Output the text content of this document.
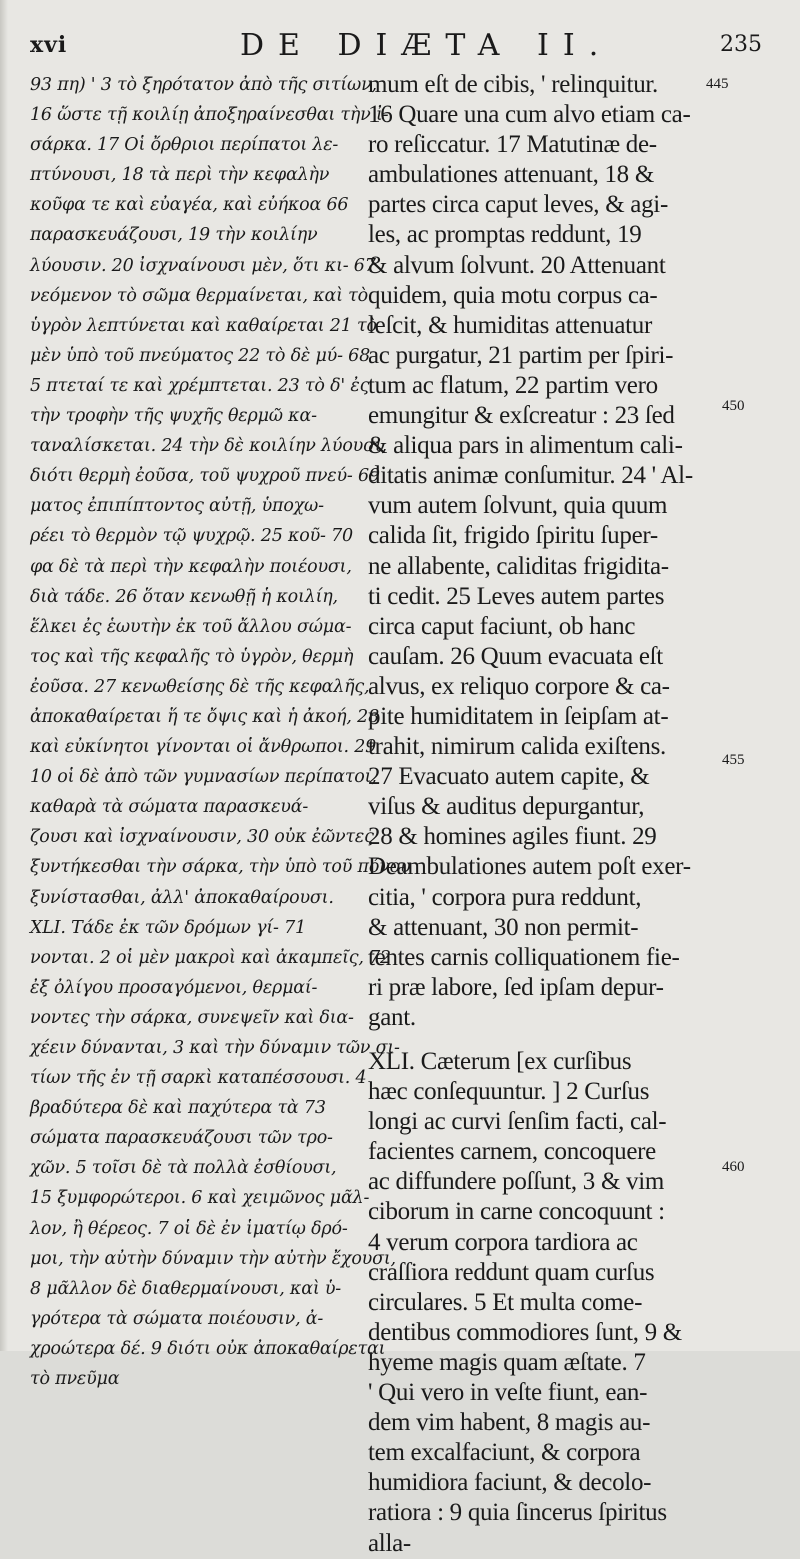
xvi	DE DIÆTA II.	235
93 πη) ' 3 τὸ ξηρότατον ἀπὸ τῆς σιτίων,
16 ὥστε τῇ κοιλίῃ ἀποξηραίνεσθαι τὴν ἰ-
σάρκα. 17 Οἱ ὄρθριοι περίπατοι λε-
πτύνουσι, 18 τὰ περὶ τὴν κεφαλὴν
κοῦφα τε καὶ εὐαγέα, καὶ εὐήκοα 66
παρασκευάζουσι, 19 τὴν κοιλίην
λύουσιν. 20 ἰσχναίνουσι μὲν, ὅτι κι- 67
νεόμενον τὸ σῶμα θερμαίνεται, καὶ τὸ
ὑγρὸν λεπτύνεται καὶ καθαίρεται 21 τὸ
μὲν ὑπὸ τοῦ πνεύματος 22 τὸ δὲ μύ- 68
5 πτεταί τε καὶ χρέμπτεται. 23 τὸ δ' ἐς
τὴν τροφὴν τῆς ψυχῆς θερμῶ κα-
ταναλίσκεται. 24 τὴν δὲ κοιλίην λύουσι,
διότι θερμὴ ἐοῦσα, τοῦ ψυχροῦ πνεύ- 69
ματος ἐπιπίπτοντος αὐτῇ, ὑποχω-
ρέει τὸ θερμὸν τῷ ψυχρῷ. 25 κοῦ- 70
φα δὲ τὰ περὶ τὴν κεφαλὴν ποιέουσι,
διὰ τάδε. 26 ὅταν κενωθῇ ἡ κοιλίη,
ἕλκει ἐς ἑωυτὴν ἐκ τοῦ ἄλλου σώμα-
τος καὶ τῆς κεφαλῆς τὸ ὑγρὸν, θερμὴ
ἐοῦσα. 27 κενωθείσης δὲ τῆς κεφαλῆς,
ἀποκαθαίρεται ἥ τε ὄψις καὶ ἡ ἀκοή, 28
καὶ εὐκίνητοι γίνονται οἱ ἄνθρωποι. 29
10 οἱ δὲ ἀπὸ τῶν γυμνασίων περίπατοι,
καθαρὰ τὰ σώματα παρασκευά-
ζουσι καὶ ἰσχναίνουσιν, 30 οὐκ ἐῶντες
ξυντήκεσθαι τὴν σάρκα, τὴν ὑπὸ τοῦ πόνου
ξυνίστασθαι, ἀλλ' ἀποκαθαίρουσι.
XLI. Τάδε ἐκ τῶν δρόμων γί- 71
νονται. 2 οἱ μὲν μακροὶ καὶ ἀκαμπεῖς, 72
ἐξ ὀλίγου προσαγόμενοι, θερμαί-
νοντες τὴν σάρκα, συνεψεῖν καὶ δια-
χέειν δύνανται, 3 καὶ τὴν δύναμιν τῶν σι-
τίων τῆς ἐν τῇ σαρκὶ καταπέσσουσι. 4
βραδύτερα δὲ καὶ παχύτερα τὰ 73
σώματα παρασκευάζουσι τῶν τρο-
χῶν. 5 τοῖσι δὲ τὰ πολλὰ ἐσθίουσι,
15 ξυμφορώτεροι. 6 καὶ χειμῶνος μᾶλ-
λον, ἢ θέρεος. 7 οἱ δὲ ἐν ἱματίῳ δρό-
μοι, τὴν αὐτὴν δύναμιν τὴν αὐτὴν ἔχουσι,
8 μᾶλλον δὲ διαθερμαίνουσι, καὶ ὑ-
γρότερα τὰ σώματα ποιέουσιν, ἀ-
χροώτερα δέ. 9 διότι οὐκ ἀποκαθαίρεται
τὸ πνεῦμα
mum eſt de cibis, ' relinquitur.
16 Quare una cum alvo etiam ca-
ro reſiccatur. 17 Matutinæ de-
ambulationes attenuant, 18 &
partes circa caput leves, & agi-
les, ac promptas reddunt, 19
& alvum ſolvunt. 20 Attenuant
quidem, quia motu corpus ca-
leſcit, & humiditas attenuatur
ac purgatur, 21 partim per ſpiri-
tum ac flatum, 22 partim vero
emungitur & exſcreatur : 23 ſed
& aliqua pars in alimentum cali-
ditatis animæ conſumitur. 24 ' Al-
vum autem ſolvunt, quia quum
calida ſit, frigido ſpiritu ſuper-
ne allabente, caliditas frigidita-
ti cedit. 25 Leves autem partes
circa caput faciunt, ob hanc
cauſam. 26 Quum evacuata eſt
alvus, ex reliquo corpore & ca-
pite humiditatem in ſeipſam at-
trahit, nimirum calida exiſtens.
27 Evacuato autem capite, &
viſus & auditus depurgantur,
28 & homines agiles fiunt. 29
Deambulationes autem poſt exer-
citia, ' corpora pura reddunt,
& attenuant, 30 non permit-
tentes carnis colliquationem fie-
ri præ labore, ſed ipſam depur-
gant.
XLI. Cæterum [ex curſibus
hæc conſequuntur. ] 2 Curſus
longi ac curvi ſenſim facti, cal-
facientes carnem, concoquere
ac diffundere poſſunt, 3 & vim
ciborum in carne concoquunt :
4 verum corpora tardiora ac
craſſiora reddunt quam curſus
circulares. 5 Et multa come-
dentibus commodiores ſunt, 9 &
hyeme magis quam æſtate. 7
' Qui vero in veſte fiunt, ean-
dem vim habent, 8 magis au-
tem excalfaciunt, & corpora
humidiora faciunt, & decolo-
ratiora : 9 quia ſincerus ſpiritus
alla-
445
450
455
460
